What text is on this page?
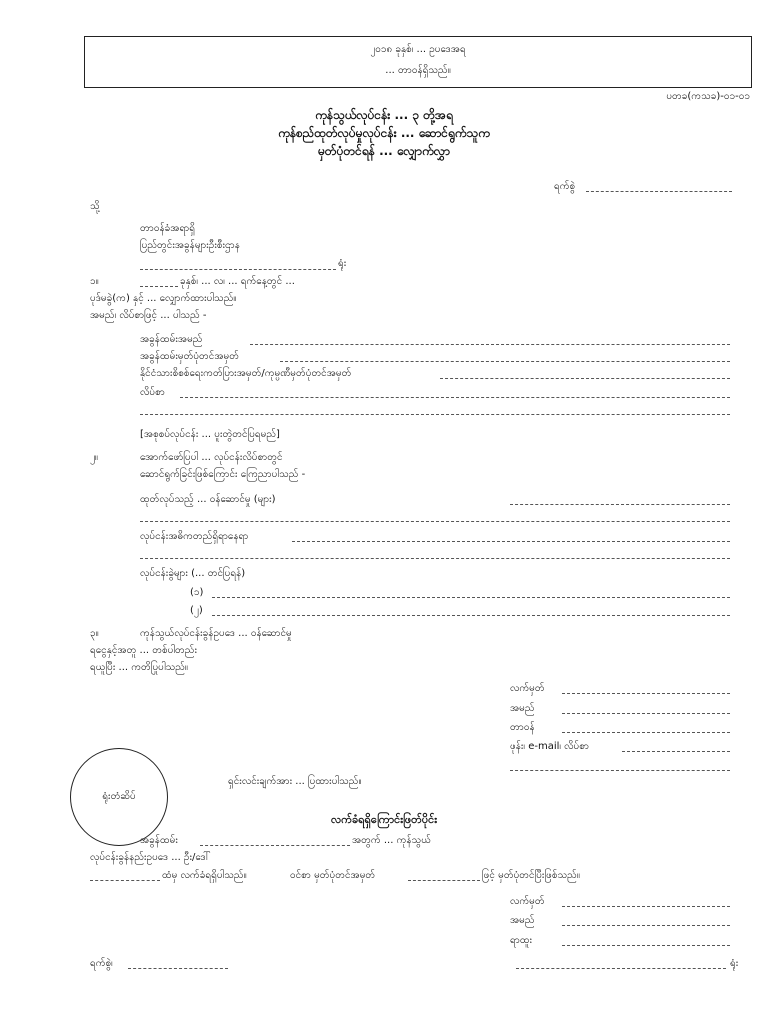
၂၀၁၈ ခုနှစ်၊ ... ဥပဒေအရ
... တာဝန်ရှိသည်။
ပတခ(ကသခ)-၀၁-၀၁
ကုန်သွယ်လုပ်ငန်း ... ၃ တို့အရ
ကုန်စည်ထုတ်လုပ်မှုလုပ်ငန်း ... ဆောင်ရွက်သူက
မှတ်ပုံတင်ရန် ... လျှောက်လွှာ
ရက်စွဲ
သို့
တာဝန်ခံအရာရှိ
ပြည်တွင်းအခွန်များဦးစီးဌာန
ရုံး
၁။	ခုနှစ်၊ ... လ၊ ... ရက်နေ့တွင် ...
ပုဒ်မခွဲ(က) နှင့် ... လျှောက်ထားပါသည်။
အမည်၊ လိပ်စာဖြင့် ... ပါသည် -
အခွန်ထမ်းအမည်
အခွန်ထမ်းမှတ်ပုံတင်အမှတ်
နိုင်ငံသားစိစစ်ရေးကတ်ပြားအမှတ်/ကုမ္ပဏီမှတ်ပုံတင်အမှတ်
လိပ်စာ
[အစုစပ်လုပ်ငန်း ... ပူးတွဲတင်ပြရမည်]
၂။	အောက်ဖော်ပြပါ ... လုပ်ငန်းလိပ်စာတွင်
ဆောင်ရွက်ခြင်းဖြစ်ကြောင်း ကြေညာပါသည် -
ထုတ်လုပ်သည့် ... ဝန်ဆောင်မှု (များ)
လုပ်ငန်းအဓိကတည်ရှိရာနေရာ
လုပ်ငန်းခွဲများ (... တင်ပြရန်)
(၁)
(၂)
၃။	ကုန်သွယ်လုပ်ငန်းခွန်ဥပဒေ ... ဝန်ဆောင်မှု
ရငွေနှင့်အတူ ... တစ်ပါတည်း
ရယူပြီး ... ကတိပြုပါသည်။
လက်မှတ်
အမည်
တာဝန်
ဖုန်း၊ e-mail၊ လိပ်စာ
ရုံးတံဆိပ်
ရှင်းလင်းချက်အား ... ပြထားပါသည်။
လက်ခံရရှိကြောင်းဖြတ်ပိုင်း
အခွန်ထမ်း	အတွက် ... ကုန်သွယ်
လုပ်ငန်းခွန်နည်းဥပဒေ ... ဦး/ဒေါ်
ထံမှ လက်ခံရရှိပါသည်။	ဝင်စာ မှတ်ပုံတင်အမှတ်	ဖြင့် မှတ်ပုံတင်ပြီးဖြစ်သည်။
လက်မှတ်
အမည်
ရာထူး
ရက်စွဲ၊	ရုံး
